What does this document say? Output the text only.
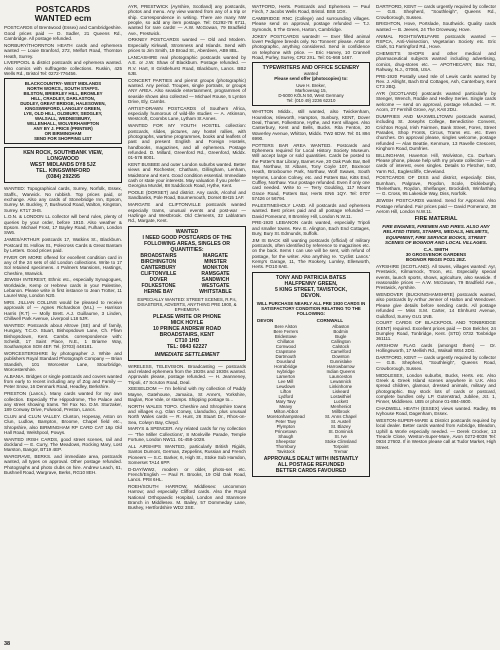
POSTCARDS
WANTED ecm
POSTCARDS of Brentwood (Essex) and Cambridgeshire. Good prices paid — D. Sadler, 21 Queens Rd., Cambridge. All postage refunded.
NORBURY/THORNTON HEATH cards and ephemera wanted — Louie Branford, 272, Melfort Road, Thornton Heath, Surrey.
LIVERPOOL & district postcards and ephemera wanted. Also comics with suffragette collections. Ruskin, 425 Wells Rd., Bristol Tel: 0272-776456.
BLACKCOUNTRY- WEST MIDLANDS
NORTH WORCS., SOUTH STAFFS.
BILSTON, BRIERLEY HILL, BROMLEY
HILL, CRADLEY, DARLASTON,
DUDLEY, GREAT BRIDGE, HALESOWEN,
KINGSWINFORD, LANGLEY GREEN,
LYE, OLD HILL, OLDBURY, SEDGLEY,
WALSALL, WEDNESBURY,
WILLENHALL, WOLVERHAMPTON
ANY BY J. PRICE (PRINTER)
OR BIRMINGHAM
SEND FOR SHOPPING LIST
KEN ROCK, SOUTHBANK VIEW,
LONGWOOD
WEST MIDLANDS DY8 5JZ
TEL. KINGSWINFORD
(0384) 292295
WANTED: Topographical cards, Surrey, Norfolk, Essex, Staffs., Warwick. No rubbish. Top prices paid, or exchange. Also any cards of Stonebridge Inn, Epsom, Surrey. M. Buckley, 7, Bushwood Road, Walton, Kingston, Surrey. KT17 3HS.
L.O.N. & LONDON LL collector will bend rules, plenty of queries by your order, before 1910. Also weather & Epsom. Michael Frost, 17 Bayley Road, Fulham, London SW6.
JAMES/ARTHUR postcards 17, Watkins St., Blackburn. Postcard St. Hollow St., Polecross Cards & Great Bantam by Letters. Good prices paid.
FIVER OR MORE offered for excellent condition card in any of the 24 sets of old London collections. Write to 17 Sol retained specimens. 4 Palmers Mansions, Hastings, Cheshire, Warwick.
JEWISH INTEREST, Ethnic etc., especially Synagogues, Worldwide, Kemp or Hebrew cards in your Palestine, Lebanon. Please write in first instance to Jean Trotter, 11 Laurel Way, London N20.
MRS. JILLIAN COLLINS would be pleased to receive approvals of — Agnes Richardson (M.L) — Harrison Harris (R.T) — Molly Brett. A.J. Guillaume, 3 Linden, Chillwell Park Avenue, Liverpool L18 5JR.
WANTED: Postcards about Altrove (SE) and of family, Hungary, T.C.O. Stuart, Bishopsdown Lane, Ch. Ffiwn Bishopsdown, Kent. Cambs. correspondence with: Scheldt, 17 Saint Place, N.E., 1 Briarne Way, Southampton SO8 4EF. Tel. (0703) 448181.
WORCESTERSHIRE by photographer J. White and publishers Royal Standard Photograph Company — Brian Standish, 101 Worcester Lane, Stourbridge, Worcestershire.
ALBANIA. Bridges or single postcards and covers wanted from early to recent including any of Zog and Family — Peter Snow, 16 Denmark Road, Headley, Berkshire.
PRESTON (Lancs.). Many cards wanted for my own collection. Especially The Hippodrome, The Palace and any street showing trams. Tel Fax No. D.M. Sturzaker, 189 Conway Drive, Fulwood, Preston, Lancs.
CLUN and CLUN VALLEY. Clunton, Hopesay, Aston on Clun, Ludlow, Bampton, Broome, Chapel field etc., Shropshire, also BIRMINGHAM RP CARD CAT 16p Old Hall Road, Welshpool, Powys.
WANTED IRISH CARDS, good street scenes, rail and dockland — E. Curry, The Meadows, Rocking Mary, Lost Marston, Bangor, BT19 4EP.
WARGRAVE, BERKS. and immediate area, postcards wanted, all types on approval. Other postage refunded. Photographs and photo clubs on hire. Andrew Leach, 61, Bushnell Road, Wargrave, Berks, RG10 8EH.
AYR, PRESTWICK (Ayrshire, Scotland) any postcards, photos and menu. Any view wanted from any of a trip or ship. Correspondence in writing. There are many NW people, so add any item postage. Tel: 01292-78 6711, wanted for rare cards! — A.W. McGowan, 79 Bradfield Ave., Prestwick.
ORKNEY POSTCARDS wanted — Old and Modern. Especially Kirkwall, Stromness and Islands. Send with prices to Jim Smith, 19 Broad St., Aberdeen, AB9 8BL.
LANCASHIRE real photographic postcards wanted by A.E. or J.W. Shaw of Blackburn. Postage refunded. — R.V. Hart, 8 Gristlehurst Road, Blackburn, Lancs. BB2 6JB.
CONCERT PARTIES and pierrot groups (photographic) wanted. Any period. Troupes, single portraits, or groups ANY AREA. Also seaside entertainment, programmes of seaside shows also collected — Michael Rouse, 5 Lynton Drive, Ely, Cambs.
ARTIST-DRAWN POSTCARDS of Southern Africa, especially humorous of wild-life studies — A. Atkinson, Westcroft, Coombs Lane, Lytham St Annes.
WANTED FOR MY YOUTH HOSTEL collection: postcards, slides, pictures, any hostel rallies, with photographs, wartime programmes, books and leaflets of past and present English and Foreign Hostels, handbooks, magazines, and all ephemera. Postage refunded. D. Millard, Greenford Rd., Greenford, Middx. 01-578 8001.
KENT BUSBEE and outer London suburbs wanted. Better views and Rochester, Chatham, Gillingham, Lenham, Maidstone and Kent. Good condition essential. Immediate cash or state your interests. May valuation if you prefer — Georgina Murdel, 88 Saddicock Road, Hythe, Kent.
POOLE (DORSET) and district. Any cards, Alcohol and Sandbanks, Pole Road, Bournemouth, Dorset BH15 1AF.
MARGATE and CLIFTONVILLE postcards wanted especially trams, unusual events and post-war — Hazlinge and Westbrook. Old Clements, 32 Lablatram Rd., Margate, Kent.
WANTED
I NEED GOOD POSTCARDS OF THE
FOLLOWING AREAS, SINGLES OR
QUANTITIES:
BROADSTAIRS
BIRCHINGTON
CANTERBURY
CLIFTONVILLE
DOVER
FOLKESTONE
HERNE BAY
MARGATE
MINSTER
MONKTON
RAMSGATE
SANDWICH
WESTGATE
WHITSTABLE
ESPECIALLY WANTED: STREET SCENES, R.P.s, DISASTERS, ADVERTS, ANYTHING PRE 1900, & EPHEMERA
PLEASE WRITE OR PHONE
MICK HOYLE
10 PRINCE ANDREW ROAD
BROADSTAIRS, KENT
CT10 1HD
TEL: 0843 62227
IMMEDIATE SETTLEMENT
WIRELESS, TELEVISION. Broadcasting — postcards and related ephemera from the 1920s and 1930s wanted. Approvals please, postage refunded. — H. Jeanneney, Tripoli, 47 Scruton Road, Deal.
XEESELDOM — I'm behind with my collection of Paddy Mayne, Gatehouse, Jamaica, St Anne's, Yorkshire, Baglan, Roe Vale, or stamps. Shipping postage to...
NORTH WALES TOPO. Cheshire and Shropshire towns and villages e.g. Glan Conwy, Llandudno, plus unusual North Wales cards — R. Hunt, 26 Stuart Dr., Rhos-on-Sea, Colwyn Bay, Clwyd.
MARYS & SPENCER. Any related cards for my collection — 'The Miller Collections', 8 Monkville Parade, Temple Fortune, London NW11. 01-458-1028.
ALL AIRSHIPS WANTED, particularly British Rigids, Santos Dumont, German, Zeppelins, Russian and French Pioneers — S.C. Barker, 6, High St., Stoke Sub Hamdon, Somerset TA14 6PP.
D-DAY/WW2, modern or older, photo-set etc. French/English — Paul R. Brooks, 19 Old Oak Road, Lancs. PR8 6HL.
ROEH/SOUTH HARROW, Middlesex: uncommon Harrow; and especially Clifford cards. Also the Royal National Orthopaedic Hospital, London and Stanmore Branch in Middlesex. M. Bailey, 57 Dommeday Lane, Bushey, Hertfordshire WD2 3SE.
WATFORD, Herts. Postcards and Ephemera — Paul Finch, 7 Jacobs Wells Road, Bristol. BS8 1DX.
CAMBRIDGE RNC (College) and surrounding villages. Please send on approval, postage refunded — T.J. Symonds, 5 The Green, Harton, Cambridge.
JOKEY POSTCARDS wanted!! — Ever filled animal lover! Pedigree breeds only. No 'Tonners' please. Artist or photographic, anything considered. Send in confidence on telephone with price. — Eric Harvey, 10 Crannell Road, Purley, Surrey, CR2 2XL. Tel: 01-668 1467.
TYPEWRITERS AND OFFICE SCENERY
wanted
Please send offer (photocopies) to:
Uwe H. Breker,
Marhovesag 15,
D-5000 KÖLN 50, West Germany
Tel: (010 49) 2236 62210
WHITTON Middx., still wanted, also Twickenham, Hounslow, Isleworth, Hampton, Sunbury, KENT, Dover Deal, Thanet, Folkestone, Hythe, and Kent villages. Also Canterbury, Kent and Bells, Bucks. Rita Fenton, 20 Waverley Avenue, Whitton, Middx. TW2 6DW. Tel: 01 894 6990.
POTTERS BAR AREA WANTED. Postcards and Ephemera required for Local History Society Museum. Will accept large or sold quantities. Cards be posted to the Potter's Bar Library, Barnet Ave, 20 Oak Park Bar, Bell Bar, Northaw, St Albans, Tony Coyle 107, Boxmoor Heath, Broxbourne Park, Northaw, Wolf Swaws, South Mymms, London Colney, etc. and Potters Bar, Kitts End, Cuffley, Northaw. Your postage refunded. Even if only one card needed. Write to — Terry Goulding, 117 Mount Grace Road, Potters Bar, Herts EN6 1QY. Tel: 0707 57426 or 56794.
PALESTINE/HOLY LAND. All postcards and ephemera wanted. Best prices paid and all postage refunded — David Pomeranz, 8 Bromley Hill, London N.W.11.
PRE-1920 LEBANON cards wanted, especially Tripoli and smaller towns. Rev. E. Alington, Each End Cottages, Bury, Bury St. Edmunds, Suffolk.
JIM IS BACK still wanting postcards (official) of military postcards, often identified by reference to magazines etc. on the back. Items I can use will be sent, with refund of postage, for the writer. Also anything re. 'Cyclist Lancs.' Kemp's Garage, 11, The Rookery, Lumley, Ellesworth, Herts. PO10 8AE.
TONY AND PATRICIA BATES
HALFPENNY GREEN,
5 KING STREET, TAVISTOCK,
DEVON.
WILL PURCHASE NEARLY ALL PRE 1930 CARDS IN SATISFACTORY CONDITION RELATING TO THE FOLLOWING:
DEVON	CORNWALL
Bere Alston	Albaston
Bere Ferrers	Bodmin
Bridestowe	Bugle
Chillaton	Callington
Cornwood	Calstock
Crapstone	Camelford
Dartmouth	Downton
Dousland	Gunnislake
Horrabridge	Harrowbarrow
Ivybridge	Indian Queens
Lamerton	Launceston
Lee Mill	Lewannick
Lewdown	Linkinhorne
Lifton	Liskeard
Lydford	Lostwithiel
Mary Tavy	Luckett
Meavy	Menheniot
Milton Abbot	Millbrook
Moretonhampstead	St. Anns Chapel
Peter Tavy	St. Austell
Plympton	St. Blazey
Princetown	St. Dominick
Shaugh	St. Ive
Sheepstor	Stoke Climsland
Thornbury	Torpoint
Tavistock	Tremar
APPROVALS DEALT WITH INSTANTLY
ALL POSTAGE REFUNDED
BETTER CARDS FAVOURED
DARTFORD, KENT — cards urgently required by collector — G.B. Shepherd, "Southleigh", Queens Rd., Crowborough, Sussex.
BRIGHTON, Hove, Portslade, Southwick. Quality cards wanted — B. Jeeves, 24 The Droveway, Hove.
ANIMAL RIGHTS/WELFARE postcards wanted — RSPCA, Anti-Vivisection, Vegetarian Society etc. Eric Clark, 51 Farringford Rd., Hove.
CHEMIST'S SHOPS and other medical and pharmaceutical subjects wanted including advertising, comics, drug-stores etc. — APOTHECARY, Box 762, Rahway, N.J., 07065, USA.
PRE-1920 Postally used Isle of Lewis cards wanted by Rev. J. Allright, Bach End Cottages, Ash, Canterbury, Kent CT3 2BQ.
AYR (SCOTLAND) postcards wanted particularly by Stenger, Wrench, Roddie and Hedley Series. Single cards welcome — send on approval, postage refunded. — R. Acorn, 27 Fernhill Grove, Ayr, KA8 2DU.
DUMFRIES AND MAXWELLTOWN postcards wanted, including St. Josephs College, Benedictine Convent, Crichton Royal, Irish Fairmen, Bank Street, Fores, Street Parades, Shop Fronts, Circus, Trams etc. etc. Even churches. On approval please, singles welcome, postage refunded — Alan Beattie, Kenmure, 13 Ravelle Crescent, Kinghorn Road, Dumfries.
BILLINGHAM, Haverton Hill, Wolviston, Co. Durham. Please phone, please help with my private collection — all cards of interest, even singles. Details to Fletcher, 540, Yarm Rd., Eaglescliffe, Cleveland.
POSTCARDS OF DISS and district, especially: Diss, Burnham, Palgrave, Roydon, Scole, Dickleburgh, Thelnetham, Roydon, Shelfanger, Brockdish, Winfarthing — G. Cross, 95 Lakeside Way, Diss, Norfolk.
JEWISH POSTCARDS wanted. Send for Approval. Also Postage refunded. Fair prices paid — David Pomeranz, 38 Aerom Hill, London N.W.11.
FIRE MATERIAL
FIRE ENGINES, FIREMEN AND FIRES. ALSO ANY RELATED ITEMS, STAMPS, MEDALS, HELMETS, EQUIPMENT, FIRE SERVICE BOOKS, STREET SCENES OF BOGNOR AND LOCAL VILLAGES.
C.A. SMITH
30 GROSVENOR GARDENS
BOGNOR REGIS PO21 2EZ.
AYRSHIRE (SCOTLAND). All towns, villages wanted: Ayr, Prestwick, Kilmarnock, Troon, etc. Especially special events, launch sports, shows, agriculture, also seaside. If reasonable prices — A.W. McGowan, 79 Bradfield Ave., Prestwick, Ayrshire.
WENDOVER (BUCKINGHAMSHIRE) postcards wanted, also postcards by Arthur Jenner of Halton and Wendover. Please give details before sending cards. All postage refunded — Miss S.M. Carter, 14 Elmhurst Avenue, Guildford, Surrey GU1 1NB.
COURT CARDS OF BLACKPOOL AND TONBRIDGE (KENT) required. Excellent prices paid — Don Belcher, 24 Dumpley Road, Tonbridge, Kent. (STD) 0732 Tonbridge 361111.
AIRSHOW FLAG cards (amongst them) — Dr. Hollingsworth, 17 Mellish Rd., Walsall WS4 2DG.
DARTFORD, KENT — cards urgently required by collector — G.B. Shepherd, "Southleigh", Queens Road, Crowborough, Sussex.
MIDDLESEX, London suburbs, Bucks, Herts. etc. Also Greek & Greek Island scenes anywhere in U.K. Also spread children, glamour, dressed animals, military and photographic. Buy stock lots of cards or postcard, complete bundles only. LP. Gutenstrad, Jubilee, Jct. 1, Pinner, Middlesex. UB5 or phone 01-884-4600.
CHADWELL HEATH (ESSEX) views wanted. Radley, 95 Ivyhouse Road, Dagenham, Essex.
WESTON-SUPER-MARE & District postcards required by local dealer. Better cards wanted from Axbridge, Bleadon, Uphill & Worle especially needed. — Derek Crocker, 13 Treacle Close, Weston-Super-Mare, Avon 0272-8038 Tel: 0934 27602. If in Weston please call at Tudor Market, High Street.
38
